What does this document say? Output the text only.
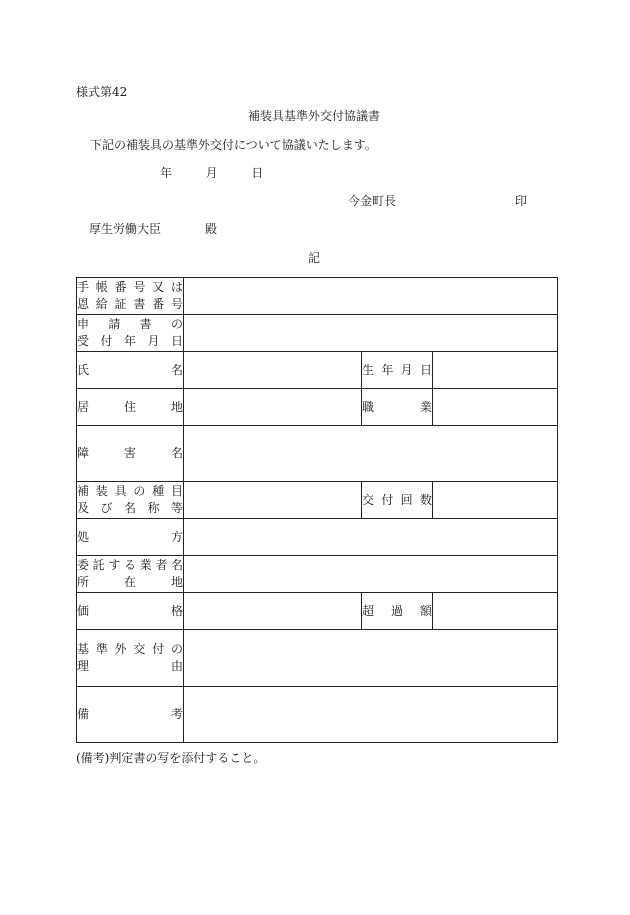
様式第42
補装具基準外交付協議書
下記の補装具の基準外交付について協議いたします。
年	月	日
今金町長	印
厚生労働大臣	殿
記
手帳番号又は
恩給証書番号			

申請書の
受付年月日			

氏名		生年月日	

居住地		職業	

障害名			

補装具の種目
及び名称等		交付回数	

処方			

委託する業者名
所在地			

価格		超過額	

基準外交付の
理由			

備考			

(備考)判定書の写を添付すること。
